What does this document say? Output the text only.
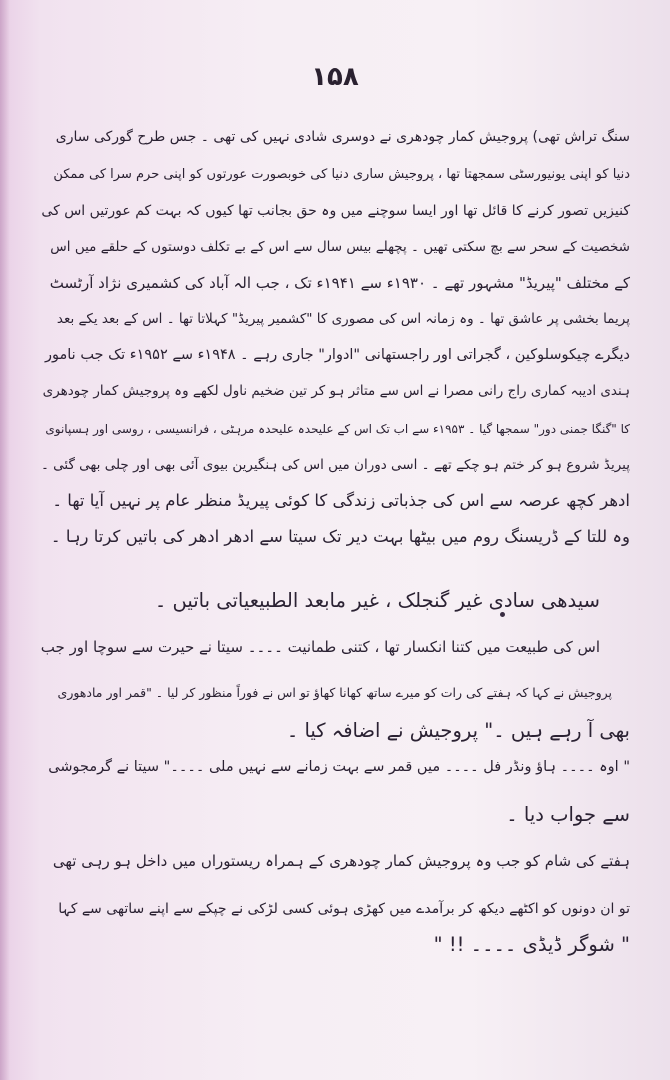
۱۵۸
سنگ تراش تھی) پروجیش کمار چودھری نے دوسری شادی نہیں کی تھی ۔ جس طرح گورکی ساری
دنیا کو اپنی یونیورسٹی سمجھتا تھا ، پروجیش ساری دنیا کی خوبصورت عورتوں کو اپنی حرم سرا کی ممکن
کنیزیں تصور کرنے کا قائل تھا اور ایسا سوچنے میں وہ حق بجانب تھا کیوں کہ بہت کم عورتیں اس کی
شخصیت کے سحر سے بچ سکتی تھیں ۔ پچھلے بیس سال سے اس کے بے تکلف دوستوں کے حلقے میں اس
کے مختلف "پیریڈ" مشہور تھے ۔ ۱۹۳۰ء سے ۱۹۴۱ء تک ، جب الہ آباد کی کشمیری نژاد آرٹسٹ
پریما بخشی پر عاشق تھا ۔ وہ زمانہ اس کی مصوری کا "کشمیر پیریڈ" کہلاتا تھا ۔ اس کے بعد یکے بعد
دیگرے چیکوسلوکین ، گجراتی اور راجستھانی "ادوار" جاری رہے ۔ ۱۹۴۸ء سے ۱۹۵۲ء تک جب نامور
ہندی ادیبہ کماری راج رانی مصرا نے اس سے متاثر ہو کر تین ضخیم ناول لکھے وہ پروجیش کمار چودھری
کا "گنگا جمنی دور" سمجھا گیا ۔ ۱۹۵۳ء سے اب تک اس کے علیحدہ علیحدہ مرہٹی ، فرانسیسی ، روسی اور ہسپانوی
پیریڈ شروع ہو کر ختم ہو چکے تھے ۔ اسی دوران میں اس کی ہنگیرین بیوی آئی بھی اور چلی بھی گئی ۔
ادھر کچھ عرصہ سے اس کی جذباتی زندگی کا کوئی پیریڈ منظر عام پر نہیں آیا تھا ۔
وہ للتا کے ڈریسنگ روم میں بیٹھا بہت دیر تک سیتا سے ادھر ادھر کی باتیں کرتا رہا ۔
سیدھی سادی غیر گنجلک ، غیر مابعد الطبیعیاتی باتیں ۔
اس کی طبیعت میں کتنا انکسار تھا ، کتنی طمانیت ۔۔۔۔ سیتا نے حیرت سے سوچا اور جب
پروجیش نے کہا کہ ہفتے کی رات کو میرے ساتھ کھانا کھاؤ تو اس نے فوراً منظور کر لیا ۔ "قمر اور مادھوری
بھی آ رہے ہیں ۔" پروجیش نے اضافہ کیا ۔
" اوہ ۔۔۔۔ ہاؤ ونڈر فل ۔۔۔۔ میں قمر سے بہت زمانے سے نہیں ملی ۔۔۔۔" سیتا نے گرمجوشی
سے جواب دیا ۔
ہفتے کی شام کو جب وہ پروجیش کمار چودھری کے ہمراہ ریستوراں میں داخل ہو رہی تھی
تو ان دونوں کو اکٹھے دیکھ کر برآمدے میں کھڑی ہوئی کسی لڑکی نے چپکے سے اپنے ساتھی سے کہا
" شوگر ڈیڈی ۔۔۔۔ !! "
